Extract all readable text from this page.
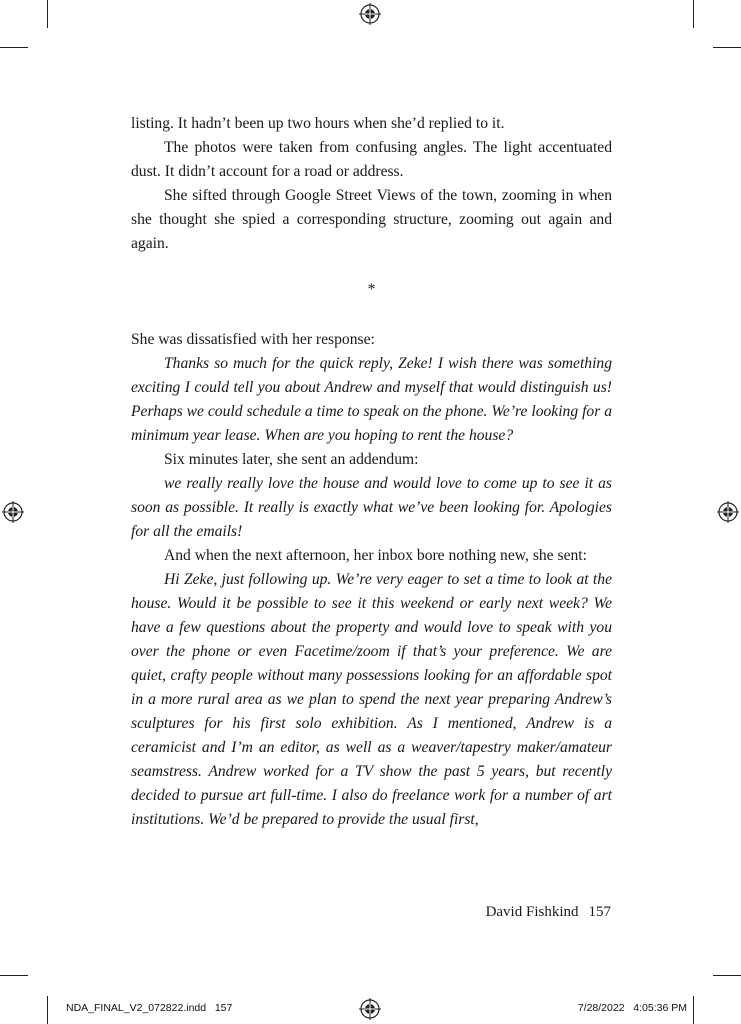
listing. It hadn’t been up two hours when she’d replied to it.

The photos were taken from confusing angles. The light accentuated dust. It didn’t account for a road or address.

She sifted through Google Street Views of the town, zooming in when she thought she spied a corresponding structure, zooming out again and again.

*

She was dissatisfied with her response:

Thanks so much for the quick reply, Zeke! I wish there was something exciting I could tell you about Andrew and myself that would distinguish us! Perhaps we could schedule a time to speak on the phone. We’re looking for a minimum year lease. When are you hoping to rent the house?

Six minutes later, she sent an addendum:

we really really love the house and would love to come up to see it as soon as possible. It really is exactly what we’ve been looking for. Apologies for all the emails!

And when the next afternoon, her inbox bore nothing new, she sent:

Hi Zeke, just following up. We’re very eager to set a time to look at the house. Would it be possible to see it this weekend or early next week? We have a few questions about the property and would love to speak with you over the phone or even Facetime/zoom if that’s your preference. We are quiet, crafty people without many possessions looking for an affordable spot in a more rural area as we plan to spend the next year preparing Andrew’s sculptures for his first solo exhibition. As I mentioned, Andrew is a ceramicist and I’m an editor, as well as a weaver/tapestry maker/amateur seamstress. Andrew worked for a TV show the past 5 years, but recently decided to pursue art full-time. I also do freelance work for a number of art institutions. We’d be prepared to provide the usual first,

David Fishkind 157
NDA_FINAL_V2_072822.indd   157	7/28/2022   4:05:36 PM
